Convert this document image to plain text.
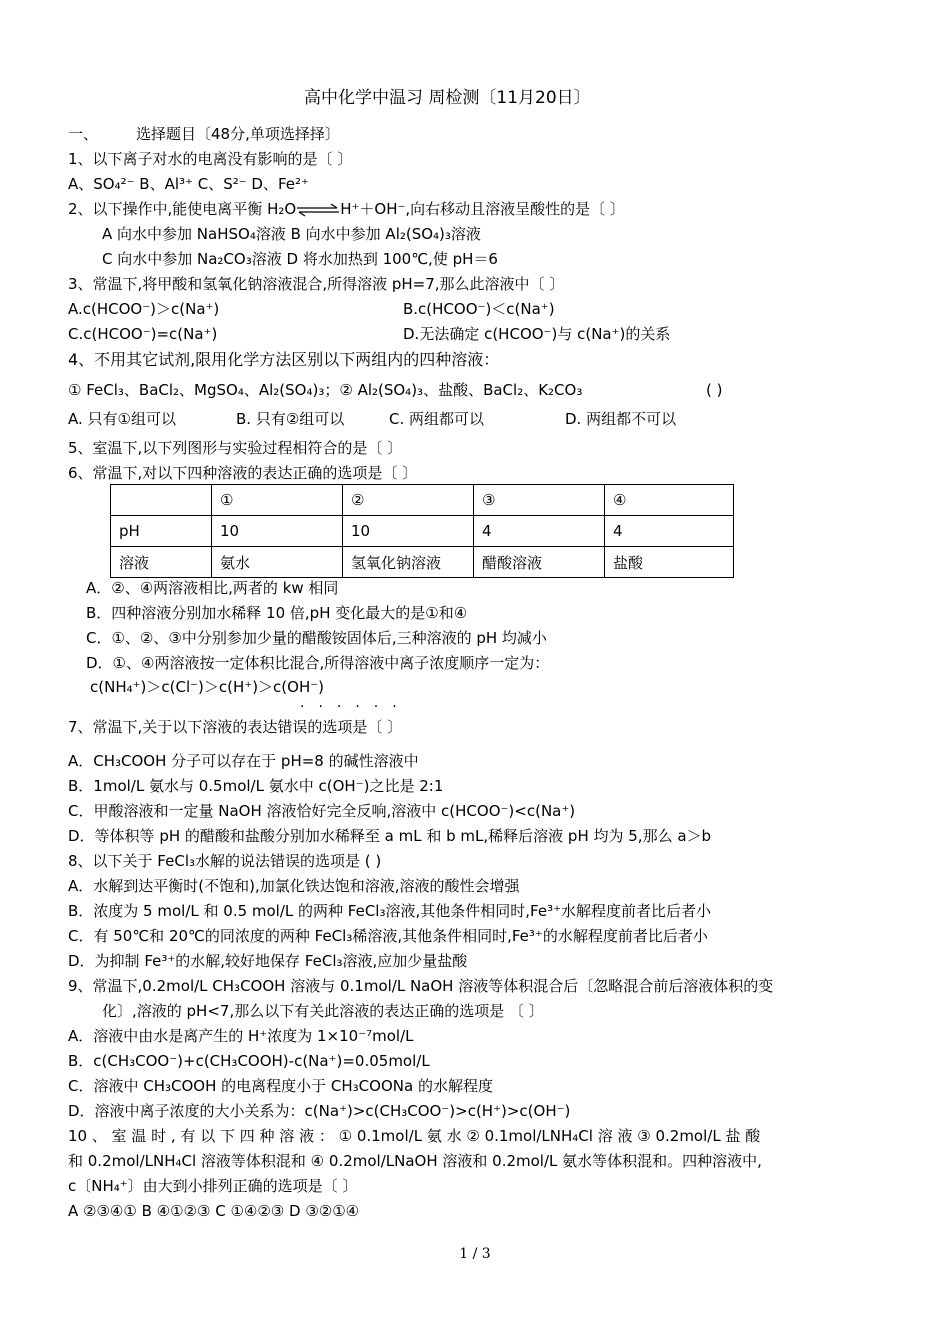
高中化学中温习 周检测〔11月20日〕
一、	选择题目〔48分,单项选择择〕
1、以下离子对水的电离没有影响的是〔 〕
A、SO₄²⁻ B、Al³⁺ C、S²⁻ D、Fe²⁺
2、以下操作中,能使电离平衡 H₂O⇌H⁺＋OH⁻,向右移动且溶液呈酸性的是〔 〕
A 向水中参加 NaHSO₄溶液 B 向水中参加 Al₂(SO₄)₃溶液
C 向水中参加 Na₂CO₃溶液 D 将水加热到 100℃,使 pH＝6
3、常温下,将甲酸和氢氧化钠溶液混合,所得溶液 pH=7,那么此溶液中〔 〕
A.c(HCOO⁻)＞c(Na⁺)	B.c(HCOO⁻)＜c(Na⁺)
C.c(HCOO⁻)=c(Na⁺)	D.无法确定 c(HCOO⁻)与 c(Na⁺)的关系
4、不用其它试剂,限用化学方法区别以下两组内的四种溶液：
① FeCl₃、BaCl₂、MgSO₄、Al₂(SO₄)₃；② Al₂(SO₄)₃、盐酸、BaCl₂、K₂CO₃	( )
A. 只有①组可以	B. 只有②组可以	C. 两组都可以	D. 两组都不可以
5、室温下,以下列图形与实验过程相符合的是〔 〕
6、常温下,对以下四种溶液的表达正确的选项是〔 〕
	①	②	③	④
pH	10	10	4	4
溶液	氨水	氢氧化钠溶液	醋酸溶液	盐酸
A．②、④两溶液相比,两者的 kw 相同
B．四种溶液分别加水稀释 10 倍,pH 变化最大的是①和④
C．①、②、③中分别参加少量的醋酸铵固体后,三种溶液的 pH 均减小
D．①、④两溶液按一定体积比混合,所得溶液中离子浓度顺序一定为：
c(NH₄⁺)＞c(Cl⁻)＞c(H⁺)＞c(OH⁻)
······
7、常温下,关于以下溶液的表达错误的选项是〔 〕
A．CH₃COOH 分子可以存在于 pH=8 的碱性溶液中
B．1mol/L 氨水与 0.5mol/L 氨水中 c(OH⁻)之比是 2:1
C．甲酸溶液和一定量 NaOH 溶液恰好完全反响,溶液中 c(HCOO⁻)<c(Na⁺)
D．等体积等 pH 的醋酸和盐酸分别加水稀释至 a mL 和 b mL,稀释后溶液 pH 均为 5,那么 a＞b
8、以下关于 FeCl₃水解的说法错误的选项是 ( )
A．水解到达平衡时(不饱和),加氯化铁达饱和溶液,溶液的酸性会增强
B．浓度为 5 mol/L 和 0.5 mol/L 的两种 FeCl₃溶液,其他条件相同时,Fe³⁺水解程度前者比后者小
C．有 50℃和 20℃的同浓度的两种 FeCl₃稀溶液,其他条件相同时,Fe³⁺的水解程度前者比后者小
D．为抑制 Fe³⁺的水解,较好地保存 FeCl₃溶液,应加少量盐酸
9、常温下,0.2mol/L CH₃COOH 溶液与 0.1mol/L NaOH 溶液等体积混合后〔忽略混合前后溶液体积的变
化〕,溶液的 pH<7,那么以下有关此溶液的表达正确的选项是 〔 〕
A．溶液中由水是离产生的 H⁺浓度为 1×10⁻⁷mol/L
B．c(CH₃COO⁻)+c(CH₃COOH)-c(Na⁺)=0.05mol/L
C．溶液中 CH₃COOH 的电离程度小于 CH₃COONa 的水解程度
D．溶液中离子浓度的大小关系为：c(Na⁺)>c(CH₃COO⁻)>c(H⁺)>c(OH⁻)
10 、 室 温 时 , 有 以 下 四 种 溶 液 ： ① 0.1mol/L 氨 水 ② 0.1mol/LNH₄Cl 溶 液 ③ 0.2mol/L 盐 酸
和 0.2mol/LNH₄Cl 溶液等体积混和 ④ 0.2mol/LNaOH 溶液和 0.2mol/L 氨水等体积混和。四种溶液中,
c〔NH₄⁺〕由大到小排列正确的选项是〔 〕
A ②③④① B ④①②③ C ①④②③ D ③②①④
1 / 3
